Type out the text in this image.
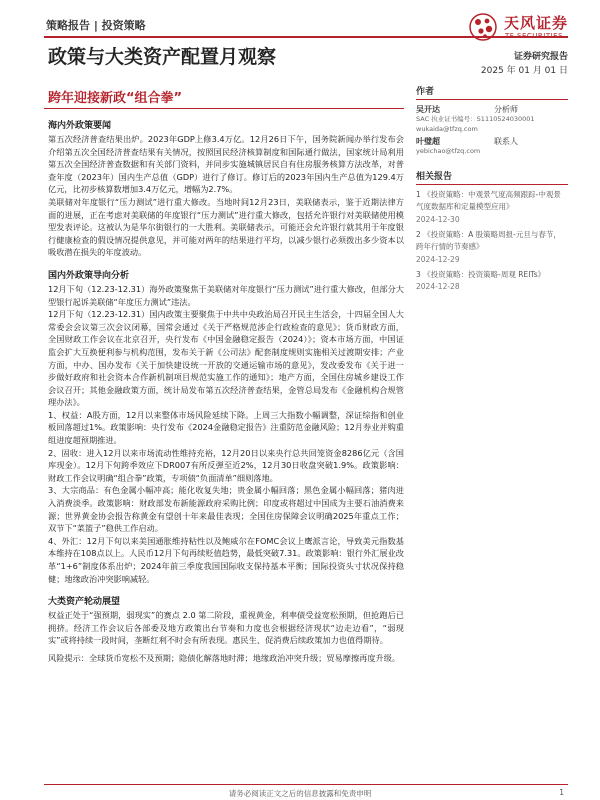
策略报告 | 投资策略	天风证券
政策与大类资产配置月观察	证券研究报告
2025 年 01 月 01 日
跨年迎接新政“组合拳”
海内外政策要闻

第五次经济普查结果出炉。2023年GDP上修3.4万亿。12月26日下午，国务院新闻办举行发布会介绍第五次全国经济普查结果有关情况，按照国民经济核算制度和国际通行做法，国家统计局利用第五次全国经济普查数据和有关部门资料，并同步实施城镇居民自有住房服务核算方法改革，对普查年度（2023年）国内生产总值（GDP）进行了修订。修订后的2023年国内生产总值为129.4万亿元，比初步核算数增加3.4万亿元，增幅为2.7%。

美联储对年度银行“压力测试”进行重大修改。当地时间12月23日，美联储表示，鉴于近期法律方面的进展，正在考虑对美联储的年度银行“压力测试”进行重大修改，包括允许银行对美联储使用模型发表评论。这被认为是华尔街银行的一大胜利。美联储表示，可能还会允许银行就其用于年度银行健康检查的假设情况提供意见，并可能对两年的结果进行平均，以减少银行必须拨出多少资本以吸收潜在损失的年度波动。

国内外政策导向分析

12月下旬（12.23-12.31）海外政策聚焦于美联储对年度银行“压力测试”进行重大修改，但部分大型银行起诉美联储“年度压力测试”违法。

12月下旬（12.23-12.31）国内政策主要聚焦于中共中央政治局召开民主生活会，十四届全国人大常委会会议第三次会议闭幕，国常会通过《关于严格规范涉企行政检查的意见》；货币财政方面，全国财政工作会议在北京召开，央行发布《中国金融稳定报告（2024）》；资本市场方面，中国证监会扩大互换便利参与机构范围，发布关于新《公司法》配套制度规则实施相关过渡期安排；产业方面，中办、国办发布《关于加快建设统一开放的交通运输市场的意见》，发改委发布《关于进一步做好政府和社会资本合作新机制项目规范实施工作的通知》；地产方面，全国住房城乡建设工作会议召开；其他金融政策方面，统计局发布第五次经济普查结果，金管总局发布《金融机构合规管理办法》。

1、权益：A股方面，12月以来整体市场风险延续下降。上周三大指数小幅调整，深证综指和创业板回落超过1%。政策影响：央行发布《2024金融稳定报告》注重防范金融风险；12月券业并购重组进度超预期推进。

2、固收：进入12月以来市场流动性维持充裕，12月20日以来央行总共回笼资金8286亿元（含国库现金）。12月下旬跨季效应下DR007有所反弹至近2%，12月30日收盘突破1.9%。政策影响：财政工作会议明确“组合拳”政策，专项债“负面清单”细则落地。

3、大宗商品：有色金属小幅冲高；能化收复失地；贵金属小幅回落；黑色金属小幅回落；猪肉进入消费淡季。政策影响：财政部发布新能源政府采购比例；印度或将超过中国成为主要石油消费来源；世界黄金协会报告称黄金有望创十年来最佳表现；全国住房保障会议明确2025年重点工作；双节下“菜篮子”稳供工作启动。

4、外汇：12月下旬以来美国通胀维持粘性以及鲍威尔在FOMC会议上鹰派言论，导致美元指数基本维持在108点以上。人民币12月下旬再续贬值趋势，最低突破7.31。政策影响：银行外汇展业改革“1+6”制度体系出炉；2024年前三季度我国国际收支保持基本平衡；国际投资头寸状况保持稳健；地缘政治冲突影响减轻。

大类资产轮动展望

权益正处于“强预期，弱现实”的赛点 2.0 第二阶段，重视黄金，利率债受益宽松预期，但抢跑后已拥挤。经济工作会议后各部委及地方政策出台节奏和力度也会根据经济现状“边走边看”，“弱现实”或将持续一段时间，垄断红利不时会有所表现。惠民生、促消费后续政策加力也值得期待。

风险提示：全球货币宽松不及预期；隐债化解落地时滞；地缘政治冲突升级；贸易摩擦再度升级。

作者
吴开达	分析师
SAC 执业证书编号：S1110524030001
wukaida@tfzq.com
叶璧超	联系人
yebichao@tfzq.com
相关报告
1 《投资策略：中观景气度高频跟踪-中观景气度数据库和定量模型应用》
2024-12-30
2 《投资策略：A 股策略周报-元旦与春节，跨年行情的节奏感》
2024-12-29
3 《投资策略：投资策略-周观 REITs》
2024-12-28
请务必阅读正文之后的信息披露和免责申明	1
